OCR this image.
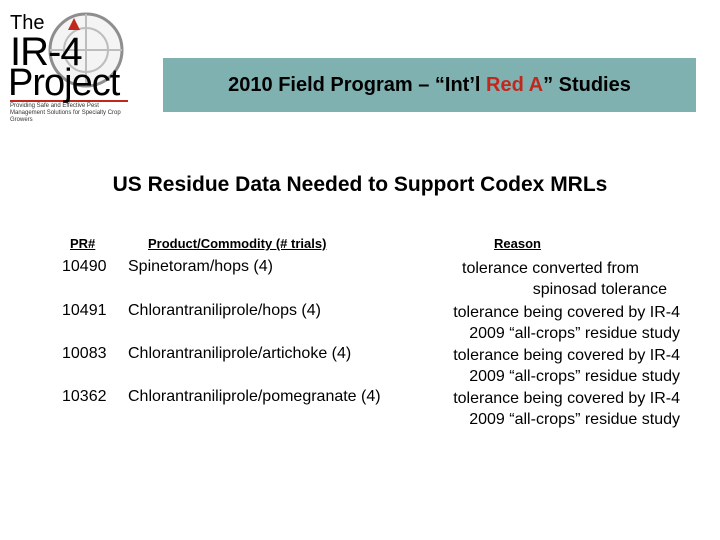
The
IR-4
Project
Providing Safe and Effective Pest Management Solutions for Specialty Crop Growers
2010 Field Program – “Int’l Red A ” Studies
US Residue Data Needed to Support Codex MRLs
PR#	Product/Commodity (# trials)	Reason
10490 Spinetoram/hops (4)	tolerance converted from
spinosad tolerance
10491 Chlorantraniliprole/hops (4)	tolerance being covered by IR-4
2009 “all-crops” residue study
10083 Chlorantraniliprole/artichoke (4)	tolerance being covered by IR-4
2009 “all-crops” residue study
10362 Chlorantraniliprole/pomegranate (4)	tolerance being covered by IR-4
2009 “all-crops” residue study
